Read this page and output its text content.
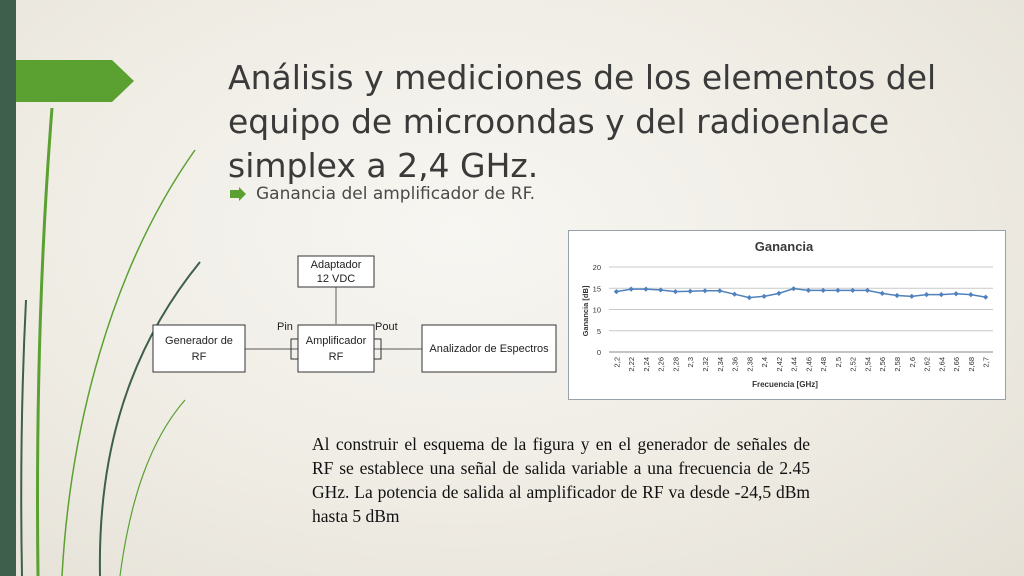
Análisis y mediciones de los elementos del
equipo de microondas y del radioenlace
simplex a 2,4 GHz.
Ganancia del amplificador de RF.
Adaptador
12 VDC
Generador de
RF
Amplificador
RF
Analizador de Espectros
Pin	Pout
Ganancia
Ganancia [dB]
Frecuencia [GHz]
0
5
10
15
20
2,2 2,22 2,24 2,26 2,28 2,3 2,32 2,34 2,36 2,38 2,4 2,42 2,44 2,46 2,48 2,5 2,52 2,54 2,56 2,58 2,6 2,62 2,64 2,66 2,68 2,7

Al construir el esquema de la figura y en el generador de señales de RF se establece una señal de salida variable a una frecuencia de 2.45 GHz. La potencia de salida al amplificador de RF va desde -24,5 dBm hasta 5 dBm
